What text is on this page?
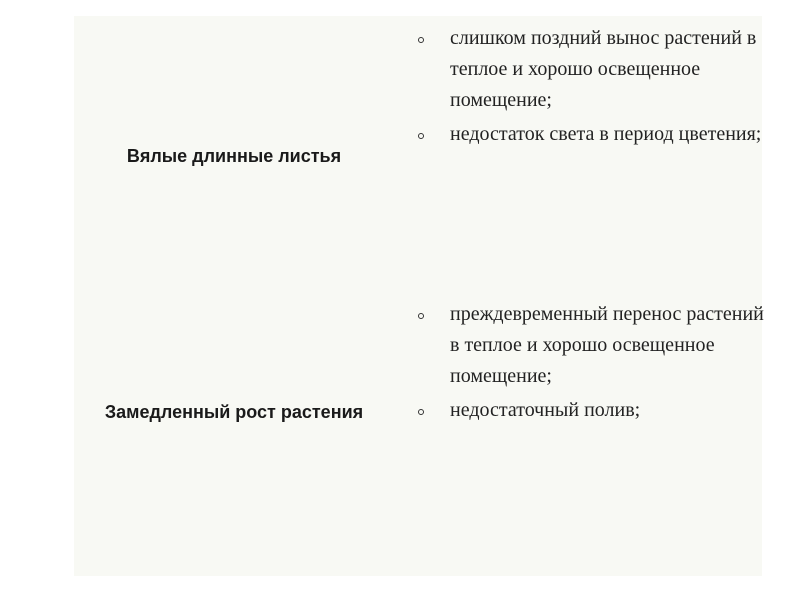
Вялые длинные листья
слишком поздний вынос растений в теплое и хорошо освещенное помещение;
недостаток света в период цветения;
Замедленный рост растения
преждевременный перенос растений в теплое и хорошо освещенное помещение;
недостаточный полив;
